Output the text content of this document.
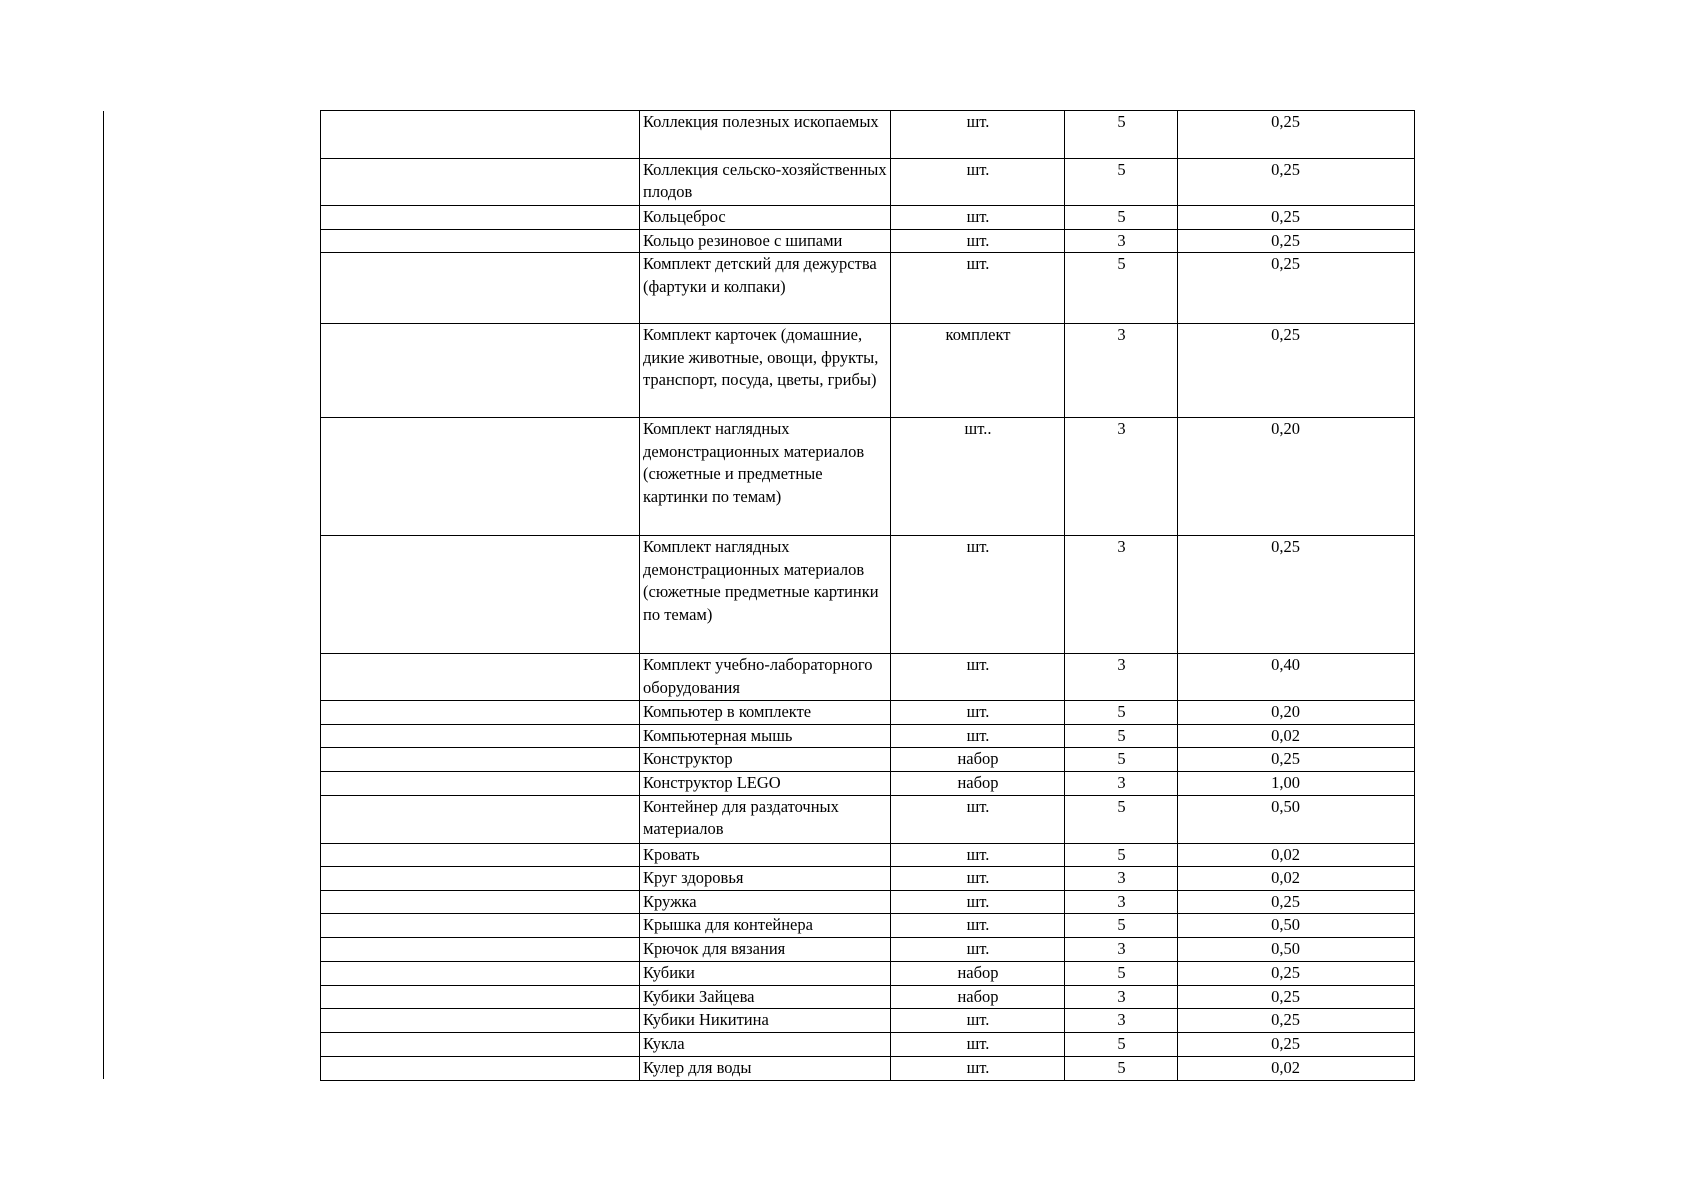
	Коллекция полезных ископаемых	шт.	5	0,25
	Коллекция сельско-хозяйственных плодов	шт.	5	0,25
	Кольцеброс	шт.	5	0,25
	Кольцо резиновое с шипами	шт.	3	0,25
	Комплект детский для дежурства (фартуки и колпаки)	шт.	5	0,25
	Комплект карточек (домашние, дикие животные, овощи, фрукты, транспорт, посуда, цветы, грибы)	комплект	3	0,25
	Комплект наглядных демонстрационных материалов (сюжетные и предметные картинки по темам)	шт..	3	0,20
	Комплект наглядных демонстрационных материалов (сюжетные предметные картинки по темам)	шт.	3	0,25
	Комплект учебно-лабораторного оборудования	шт.	3	0,40
	Компьютер в комплекте	шт.	5	0,20
	Компьютерная мышь	шт.	5	0,02
	Конструктор	набор	5	0,25
	Конструктор LEGO	набор	3	1,00
	Контейнер для раздаточных материалов	шт.	5	0,50
	Кровать	шт.	5	0,02
	Круг здоровья	шт.	3	0,02
	Кружка	шт.	3	0,25
	Крышка для контейнера	шт.	5	0,50
	Крючок для вязания	шт.	3	0,50
	Кубики	набор	5	0,25
	Кубики Зайцева	набор	3	0,25
	Кубики Никитина	шт.	3	0,25
	Кукла	шт.	5	0,25
	Кулер для воды	шт.	5	0,02
